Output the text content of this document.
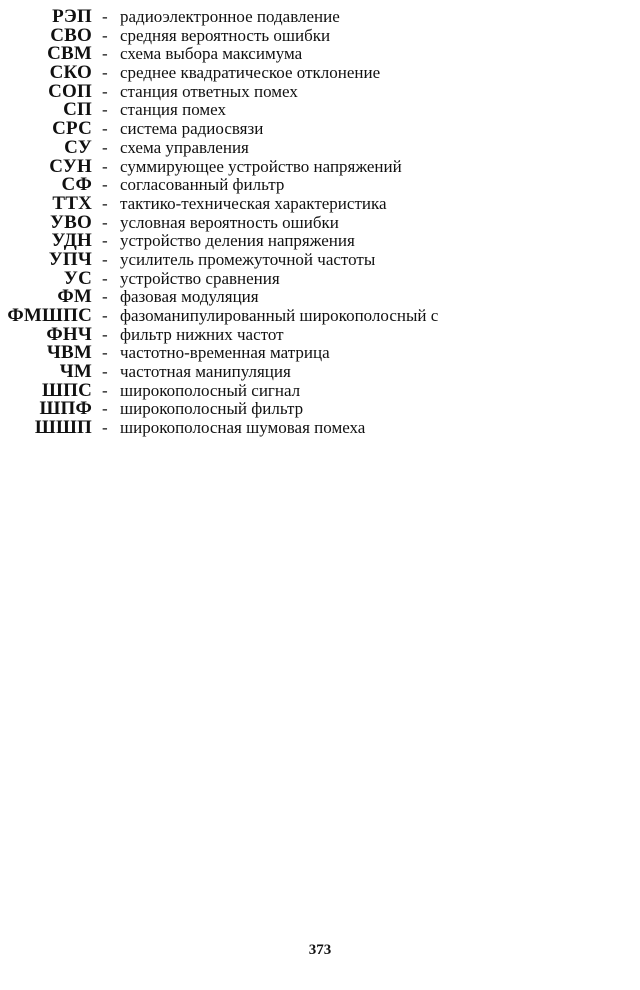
РЭП - радиоэлектронное подавление
СВО - средняя вероятность ошибки
СВМ - схема выбора максимума
СКО - среднее квадратическое отклонение
СОП - станция ответных помех
СП - станция помех
СРС - система радиосвязи
СУ - схема управления
СУН - суммирующее устройство напряжений
СФ - согласованный фильтр
ТТХ - тактико-техническая характеристика
УВО - условная вероятность ошибки
УДН - устройство деления напряжения
УПЧ - усилитель промежуточной частоты
УС - устройство сравнения
ФМ - фазовая модуляция
ФМШПС - фазоманипулированный широкополосный с
ФНЧ - фильтр нижних частот
ЧВМ - частотно-временная матрица
ЧМ - частотная манипуляция
ШПС - широкополосный сигнал
ШПФ - широкополосный фильтр
ШШП - широкополосная шумовая помеха
373
